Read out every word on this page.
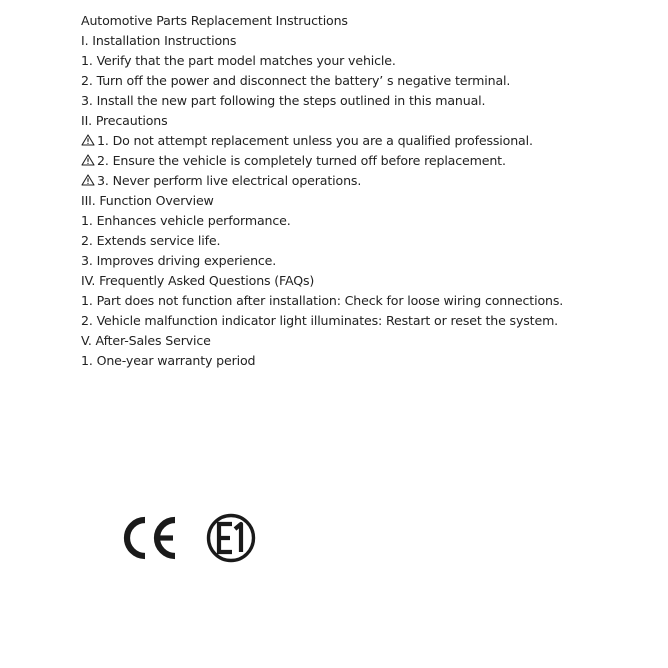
Automotive Parts Replacement Instructions
I. Installation Instructions
1. Verify that the part model matches your vehicle.
2. Turn off the power and disconnect the battery’ s negative terminal.
3. Install the new part following the steps outlined in this manual.
II. Precautions
1. Do not attempt replacement unless you are a qualified professional.
2. Ensure the vehicle is completely turned off before replacement.
3. Never perform live electrical operations.
III. Function Overview
1. Enhances vehicle performance.
2. Extends service life.
3. Improves driving experience.
IV. Frequently Asked Questions (FAQs)
1. Part does not function after installation: Check for loose wiring connections.
2. Vehicle malfunction indicator light illuminates: Restart or reset the system.
V. After-Sales Service
1. One-year warranty period
